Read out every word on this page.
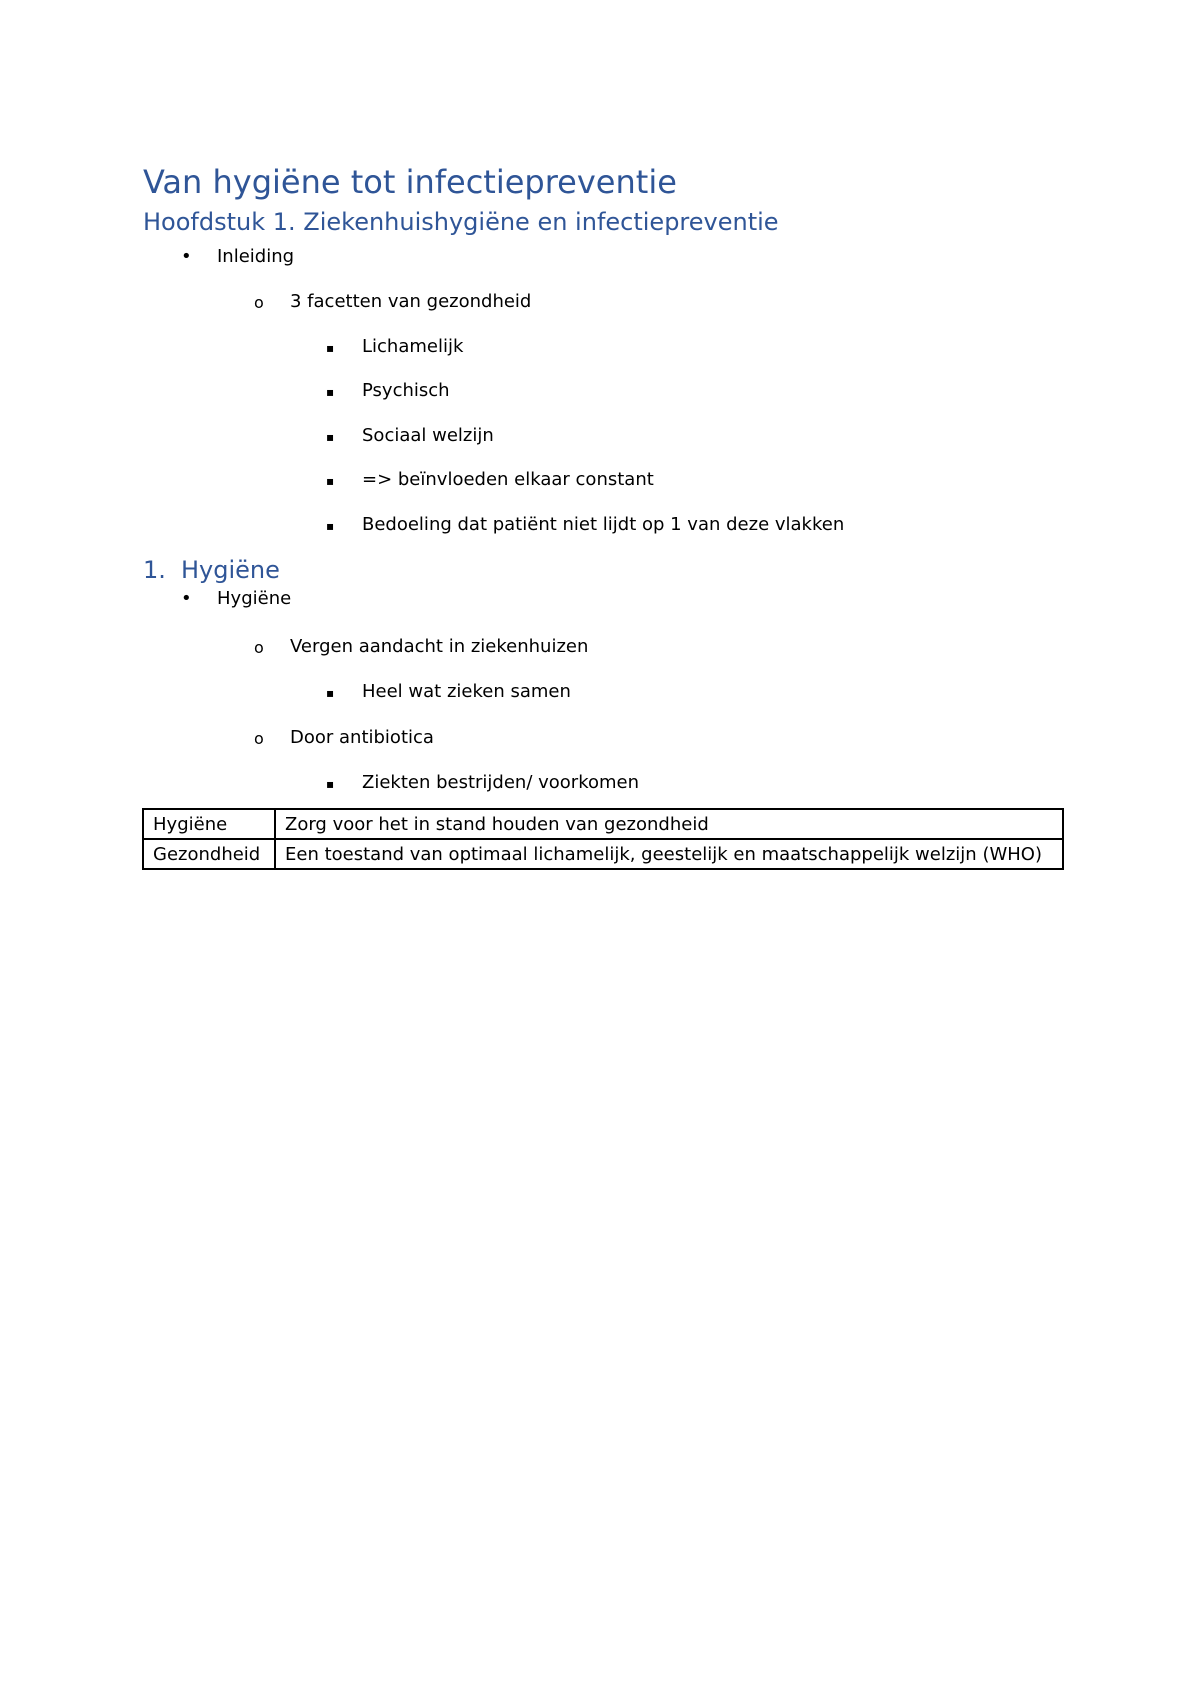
Van hygiëne tot infectiepreventie
Hoofdstuk 1. Ziekenhuishygiëne en infectiepreventie
• Inleiding
o 3 facetten van gezondheid
▪ Lichamelijk
▪ Psychisch
▪ Sociaal welzijn
▪ => beïnvloeden elkaar constant
▪ Bedoeling dat patiënt niet lijdt op 1 van deze vlakken
1. Hygiëne
• Hygiëne
o Vergen aandacht in ziekenhuizen
▪ Heel wat zieken samen
o Door antibiotica
▪ Ziekten bestrijden/ voorkomen
Hygiëne	Zorg voor het in stand houden van gezondheid
Gezondheid	Een toestand van optimaal lichamelijk, geestelijk en maatschappelijk welzijn (WHO)
